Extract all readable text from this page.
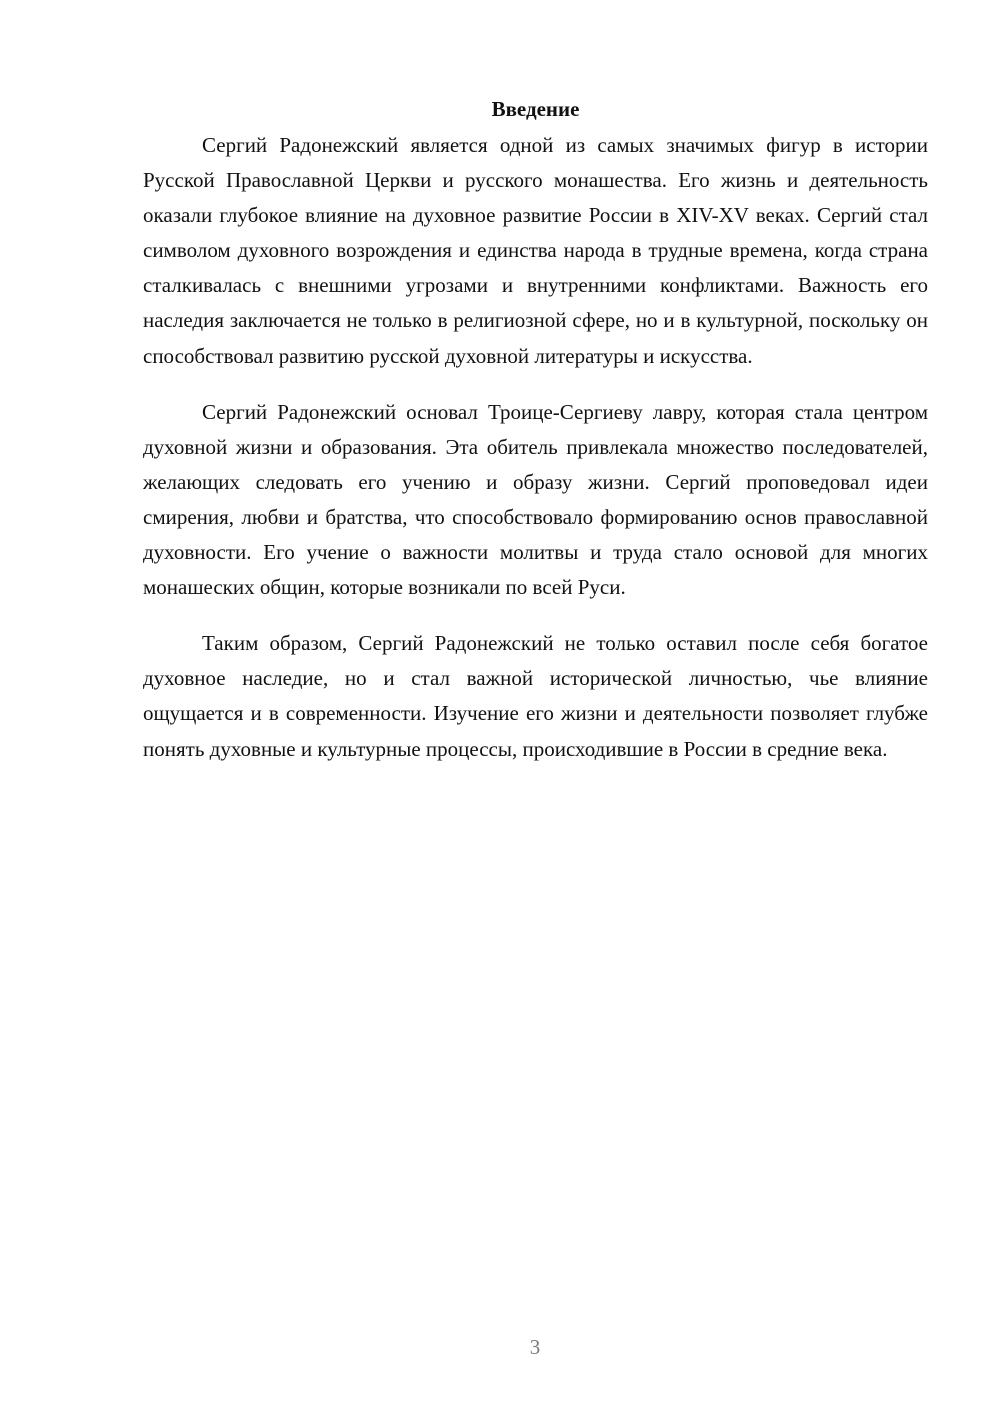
Введение

Сергий Радонежский является одной из самых значимых фигур в истории Русской Православной Церкви и русского монашества. Его жизнь и деятельность оказали глубокое влияние на духовное развитие России в XIV-XV веках. Сергий стал символом духовного возрождения и единства народа в трудные времена, когда страна сталкивалась с внешними угрозами и внутренними конфликтами. Важность его наследия заключается не только в религиозной сфере, но и в культурной, поскольку он способствовал развитию русской духовной литературы и искусства.

Сергий Радонежский основал Троице-Сергиеву лавру, которая стала центром духовной жизни и образования. Эта обитель привлекала множество последователей, желающих следовать его учению и образу жизни. Сергий проповедовал идеи смирения, любви и братства, что способствовало формированию основ православной духовности. Его учение о важности молитвы и труда стало основой для многих монашеских общин, которые возникали по всей Руси.

Таким образом, Сергий Радонежский не только оставил после себя богатое духовное наследие, но и стал важной исторической личностью, чье влияние ощущается и в современности. Изучение его жизни и деятельности позволяет глубже понять духовные и культурные процессы, происходившие в России в средние века.

3
